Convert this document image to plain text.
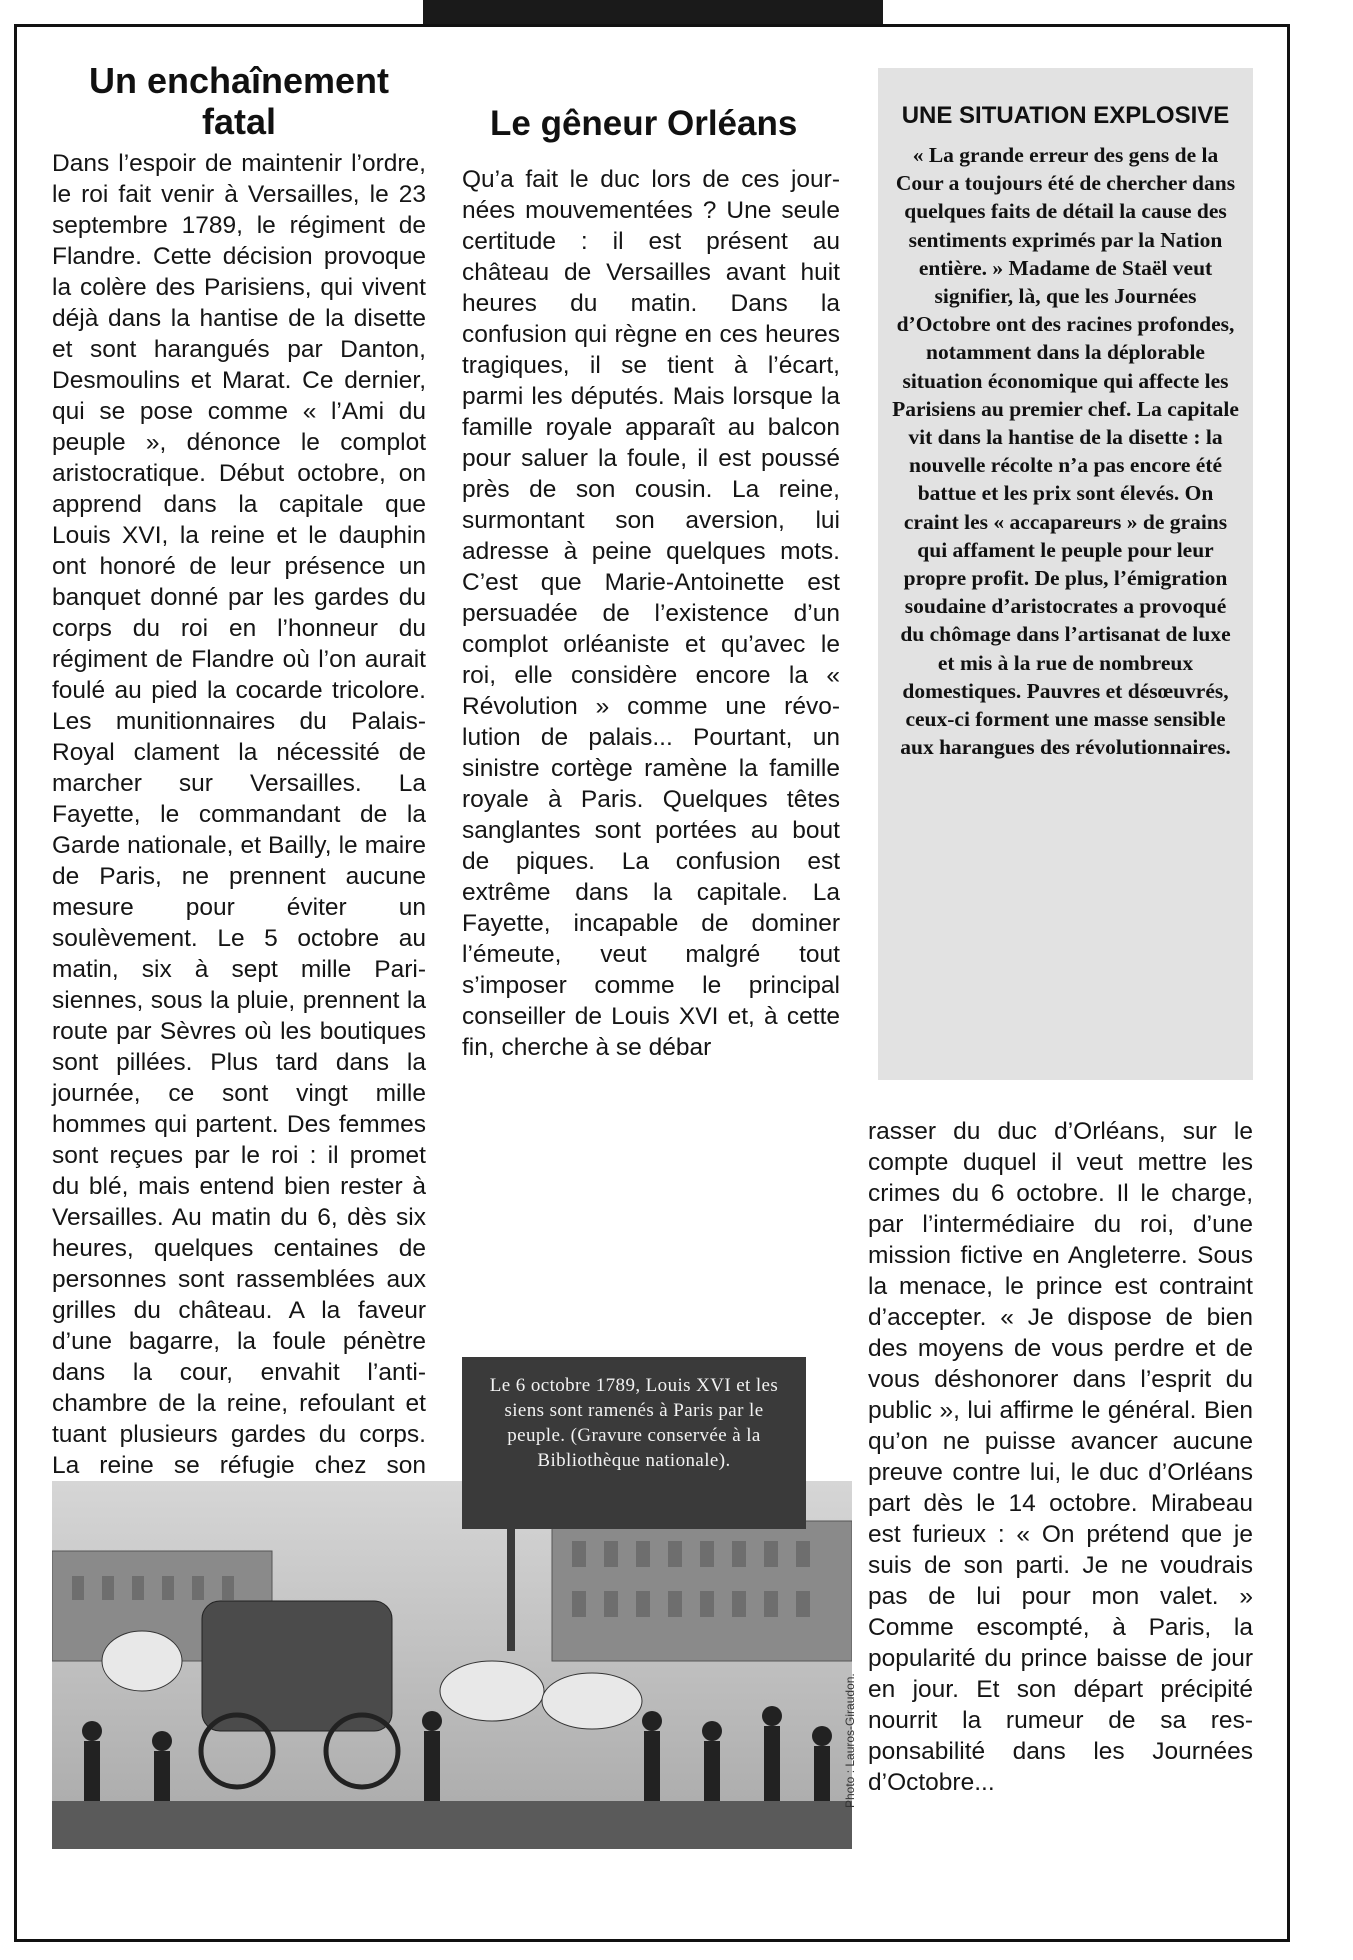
Un enchaînement fatal

Dans l’espoir de maintenir l’ordre, le roi fait venir à Versailles, le 23 septembre 1789, le régiment de Flandre. Cette décision provoque la colère des Parisiens, qui vivent déjà dans la hantise de la disette et sont harangués par Danton, Desmoulins et Marat. Ce dernier, qui se pose comme « l’Ami du peuple », dénonce le complot aristocratique. Début octobre, on apprend dans la capitale que Louis XVI, la reine et le dauphin ont honoré de leur présence un banquet donné par les gardes du corps du roi en l’honneur du régiment de Flandre où l’on aurait foulé au pied la cocarde tricolore. Les munitionnaires du Palais-Royal clament la nécessité de marcher sur Versailles. La Fayette, le commandant de la Garde nationale, et Bailly, le maire de Paris, ne prennent aucune mesure pour éviter un soulèvement. Le 5 octobre au matin, six à sept mille Parisiennes, sous la pluie, prennent la route par Sèvres où les boutiques sont pillées. Plus tard dans la journée, ce sont vingt mille hommes qui partent. Des femmes sont reçues par le roi : il promet du blé, mais entend bien rester à Versailles. Au matin du 6, dès six heures, quelques centaines de personnes sont rassemblées aux grilles du château. A la faveur d’une bagarre, la foule pénètre dans la cour, envahit l’antichambre de la reine, refoulant et tuant plusieurs gardes du corps. La reine se réfugie chez son

Le gêneur Orléans

Qu’a fait le duc lors de ces journées mouvementées ? Une seule certitude : il est présent au château de Versailles avant huit heures du matin. Dans la confusion qui règne en ces heures tragiques, il se tient à l’écart, parmi les députés. Mais lorsque la famille royale apparaît au balcon pour saluer la foule, il est poussé près de son cousin. La reine, surmontant son aversion, lui adresse à peine quelques mots. C’est que Marie-Antoinette est persuadée de l’existence d’un complot orléaniste et qu’avec le roi, elle considère encore la « Révolution » comme une révolution de palais... Pourtant, un sinistre cortège ramène la famille royale à Paris. Quelques têtes sanglantes sont portées au bout de piques. La confusion est extrême dans la capitale. La Fayette, incapable de dominer l’émeute, veut malgré tout s’imposer comme le principal conseiller de Louis XVI et, à cette fin, cherche à se débar

UNE SITUATION EXPLOSIVE

« La grande erreur des gens de la Cour a toujours été de chercher dans quelques faits de détail la cause des sentiments exprimés par la Nation entière. » Madame de Staël veut signifier, là, que les Journées d’Octobre ont des racines profondes, notamment dans la déplorable situation économique qui affecte les Parisiens au premier chef. La capitale vit dans la hantise de la disette : la nouvelle récolte n’a pas encore été battue et les prix sont élevés. On craint les « accapareurs » de grains qui affament le peuple pour leur propre profit. De plus, l’émigration soudaine d’aristocrates a provoqué du chômage dans l’artisanat de luxe et mis à la rue de nombreux domestiques. Pauvres et désœuvrés, ceux-ci forment une masse sensible aux harangues des révolutionnaires.

rasser du duc d’Orléans, sur le compte duquel il veut mettre les crimes du 6 octobre. Il le charge, par l’intermédiaire du roi, d’une mission fictive en Angleterre. Sous la menace, le prince est contraint d’accepter. « Je dispose de bien des moyens de vous perdre et de vous déshonorer dans l’esprit du public », lui affirme le général. Bien qu’on ne puisse avancer aucune preuve contre lui, le duc d’Orléans part dès le 14 octobre. Mirabeau est furieux : « On prétend que je suis de son parti. Je ne voudrais pas de lui pour mon valet. » Comme escompté, à Paris, la popularité du prince baisse de jour en jour. Et son départ précipité nourrit la rumeur de sa responsabilité dans les Journées d’Octobre...

Le 6 octobre 1789, Louis XVI et les siens sont ramenés à Paris par le peuple. (Gravure conservée à la Bibliothèque nationale).
Photo : Lauros-Giraudon.
